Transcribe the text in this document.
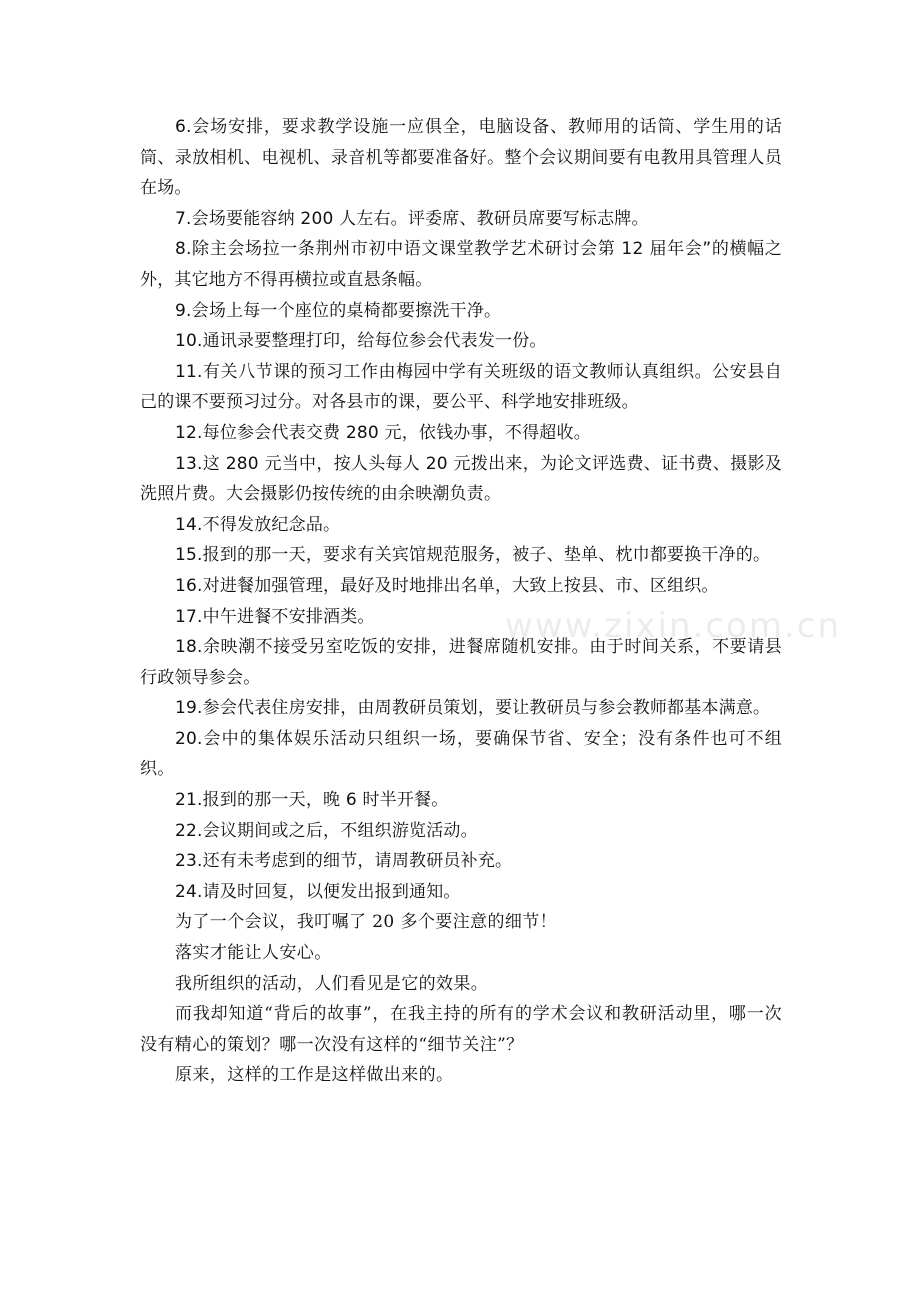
6.会场安排，要求教学设施一应俱全，电脑设备、教师用的话筒、学生用的话筒、录放相机、电视机、录音机等都要准备好。整个会议期间要有电教用具管理人员在场。

7.会场要能容纳 200 人左右。评委席、教研员席要写标志牌。

8.除主会场拉一条荆州市初中语文课堂教学艺术研讨会第 12 届年会”的横幅之外，其它地方不得再横拉或直悬条幅。

9.会场上每一个座位的桌椅都要擦洗干净。

10.通讯录要整理打印，给每位参会代表发一份。

11.有关八节课的预习工作由梅园中学有关班级的语文教师认真组织。公安县自己的课不要预习过分。对各县市的课，要公平、科学地安排班级。

12.每位参会代表交费 280 元，依钱办事，不得超收。

13.这 280 元当中，按人头每人 20 元拨出来，为论文评选费、证书费、摄影及洗照片费。大会摄影仍按传统的由余映潮负责。

14.不得发放纪念品。

15.报到的那一天，要求有关宾馆规范服务，被子、垫单、枕巾都要换干净的。

16.对进餐加强管理，最好及时地排出名单，大致上按县、市、区组织。

17.中午进餐不安排酒类。

18.余映潮不接受另室吃饭的安排，进餐席随机安排。由于时间关系，不要请县行政领导参会。

19.参会代表住房安排，由周教研员策划，要让教研员与参会教师都基本满意。

20.会中的集体娱乐活动只组织一场，要确保节省、安全；没有条件也可不组织。

21.报到的那一天，晚 6 时半开餐。

22.会议期间或之后，不组织游览活动。

23.还有未考虑到的细节，请周教研员补充。

24.请及时回复，以便发出报到通知。

为了一个会议，我叮嘱了 20 多个要注意的细节！

落实才能让人安心。

我所组织的活动，人们看见是它的效果。

而我却知道“背后的故事”，在我主持的所有的学术会议和教研活动里，哪一次没有精心的策划？哪一次没有这样的“细节关注”？

原来，这样的工作是这样做出来的。

www.zixin.com.cn
